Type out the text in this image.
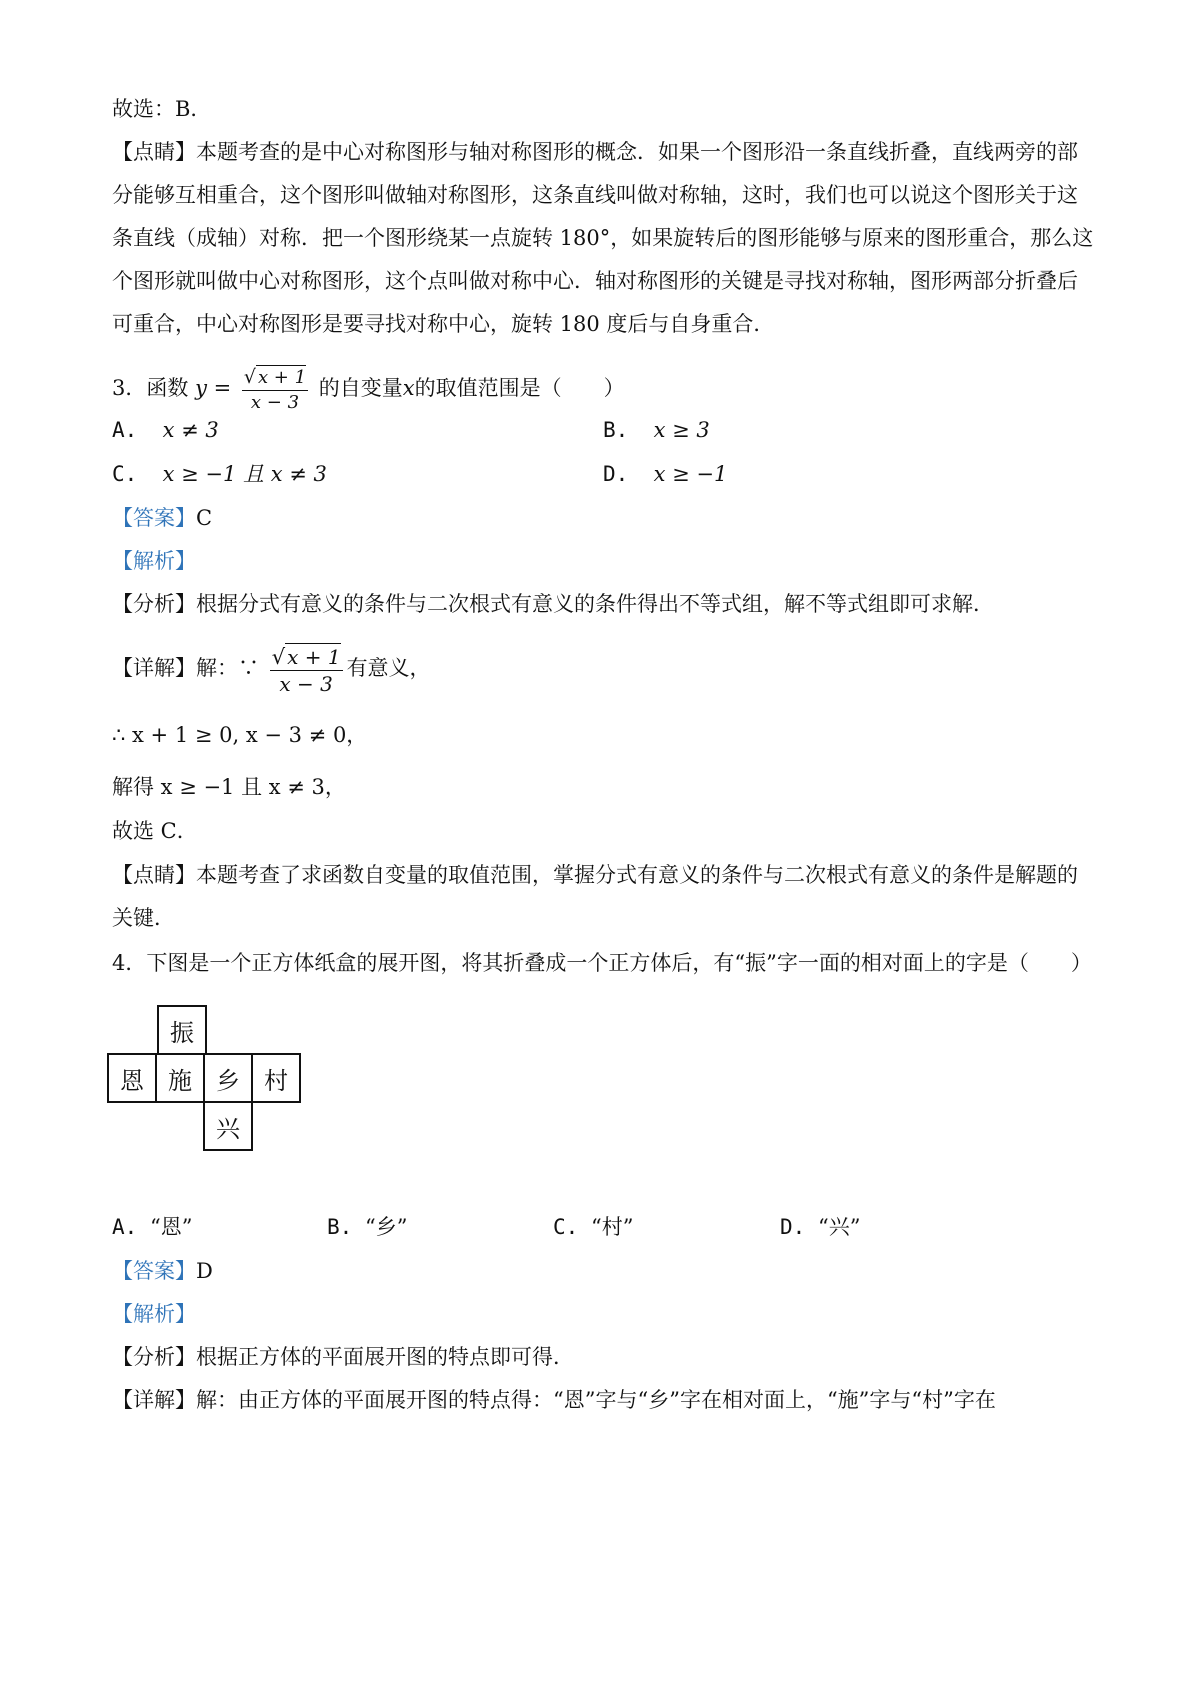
故选：B．
【点睛】本题考查的是中心对称图形与轴对称图形的概念．如果一个图形沿一条直线折叠，直线两旁的部
分能够互相重合，这个图形叫做轴对称图形，这条直线叫做对称轴，这时，我们也可以说这个图形关于这
条直线（成轴）对称．把一个图形绕某一点旋转 180°，如果旋转后的图形能够与原来的图形重合，那么这
个图形就叫做中心对称图形，这个点叫做对称中心．轴对称图形的关键是寻找对称轴，图形两部分折叠后
可重合，中心对称图形是要寻找对称中心，旋转 180 度后与自身重合．
3．函数 $y = \frac{√ x + 1}{x - 3}$ 的自变量x的取值范围是（　　）
A. x ≠ 3	B. x ≥ 3
C. x ≥ −1 且 x ≠ 3	D. x ≥ −1
【答案】C
【解析】
【分析】根据分式有意义的条件与二次根式有意义的条件得出不等式组，解不等式组即可求解．
【详解】解：∵ $\frac{√ x + 1}{x - 3}$ 有意义，
∴ x + 1 ≥ 0, x − 3 ≠ 0，
解得 x ≥ −1 且 x ≠ 3，
故选 C．
【点睛】本题考查了求函数自变量的取值范围，掌握分式有意义的条件与二次根式有意义的条件是解题的
关键．
4．下图是一个正方体纸盒的展开图，将其折叠成一个正方体后，有“振”字一面的相对面上的字是（　　）
振
恩 施 乡 村
兴
A. “恩”	B. “乡”	C. “村”	D. “兴”
【答案】D
【解析】
【分析】根据正方体的平面展开图的特点即可得．
【详解】解：由正方体的平面展开图的特点得：“恩”字与“乡”字在相对面上，“施”字与“村”字在
